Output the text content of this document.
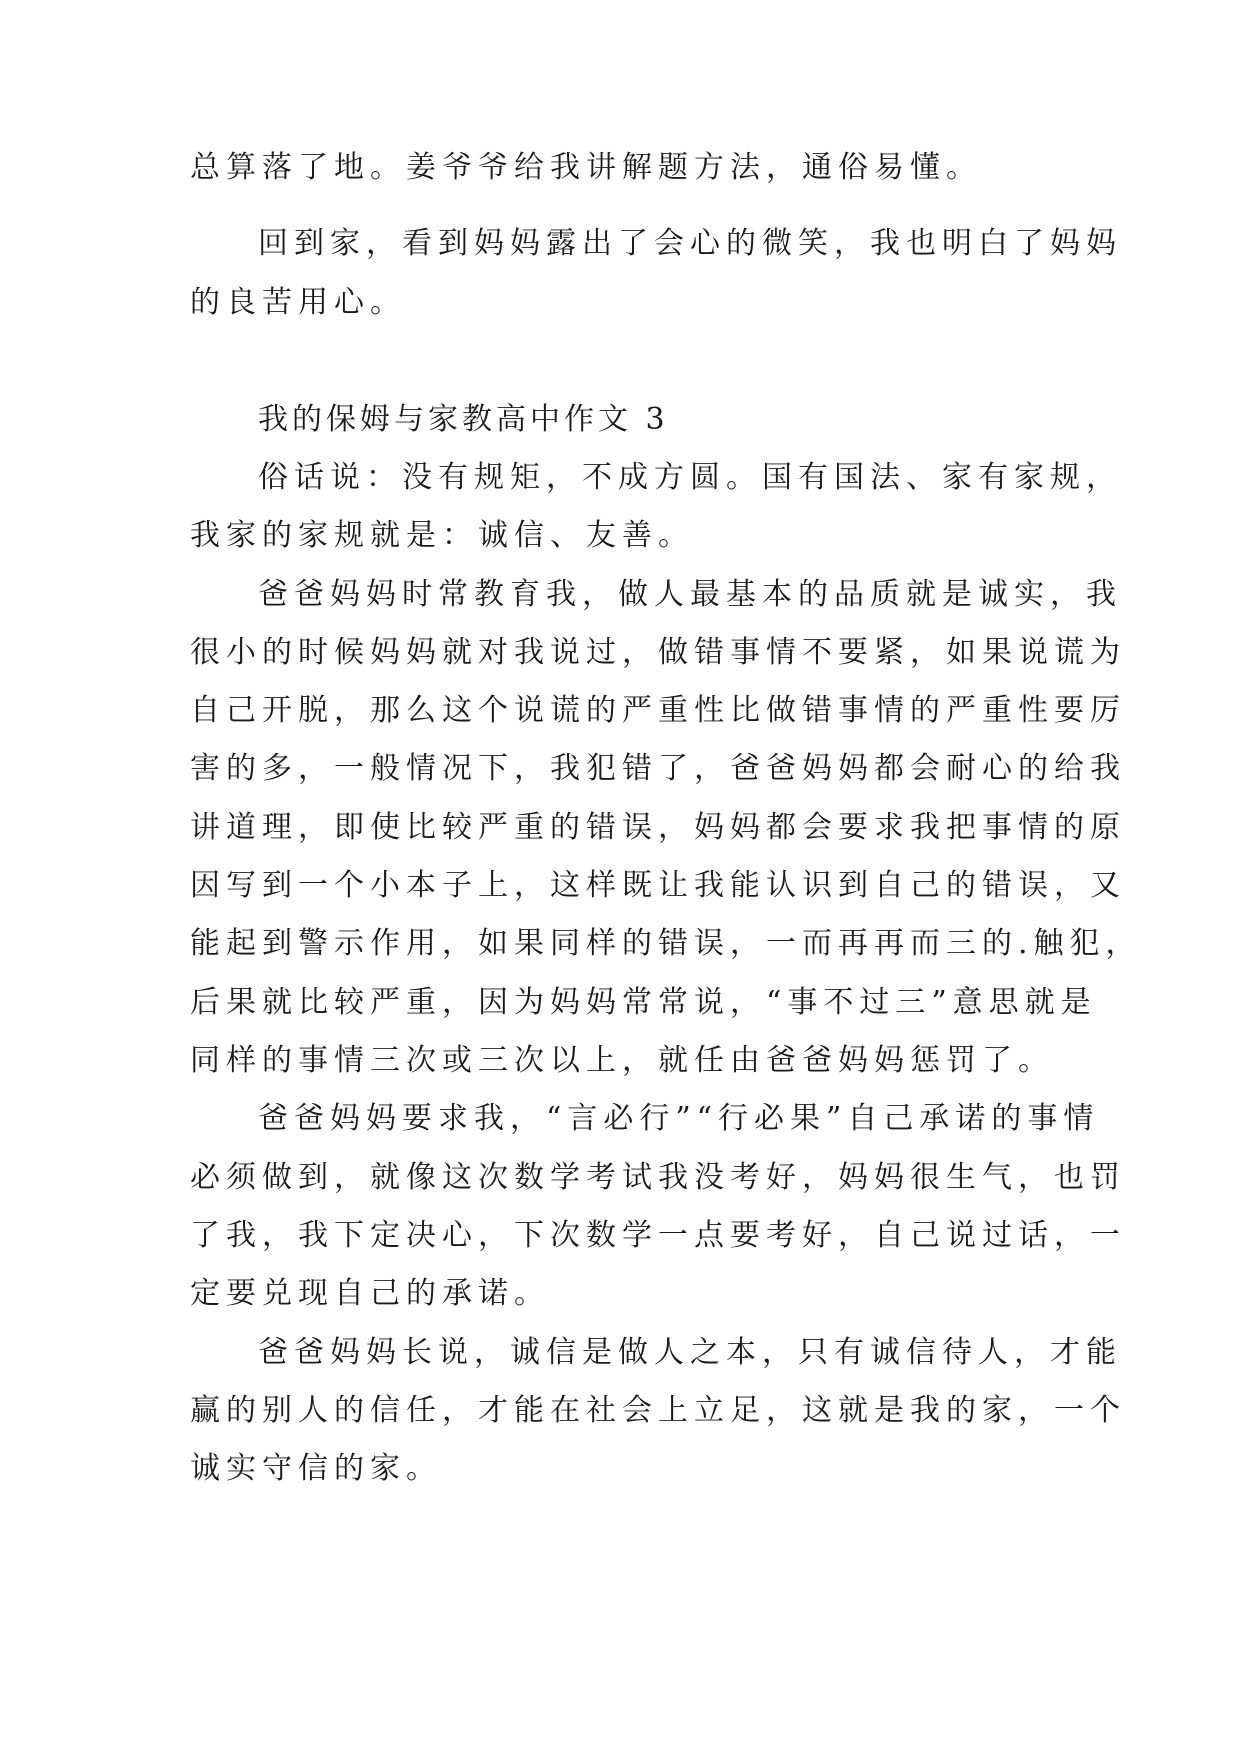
总算落了地。姜爷爷给我讲解题方法，通俗易懂。
回到家，看到妈妈露出了会心的微笑，我也明白了妈妈
的良苦用心。
我的保姆与家教高中作文 3
俗话说：没有规矩，不成方圆。国有国法、家有家规，
我家的家规就是：诚信、友善。
爸爸妈妈时常教育我，做人最基本的品质就是诚实，我
很小的时候妈妈就对我说过，做错事情不要紧，如果说谎为
自己开脱，那么这个说谎的严重性比做错事情的严重性要厉
害的多，一般情况下，我犯错了，爸爸妈妈都会耐心的给我
讲道理，即使比较严重的错误，妈妈都会要求我把事情的原
因写到一个小本子上，这样既让我能认识到自己的错误，又
能起到警示作用，如果同样的错误，一而再再而三的.触犯，
后果就比较严重，因为妈妈常常说，“事不过三”意思就是
同样的事情三次或三次以上，就任由爸爸妈妈惩罚了。
爸爸妈妈要求我，“言必行”“行必果”自己承诺的事情
必须做到，就像这次数学考试我没考好，妈妈很生气，也罚
了我，我下定决心，下次数学一点要考好，自己说过话，一
定要兑现自己的承诺。
爸爸妈妈长说，诚信是做人之本，只有诚信待人，才能
赢的别人的信任，才能在社会上立足，这就是我的家，一个
诚实守信的家。
